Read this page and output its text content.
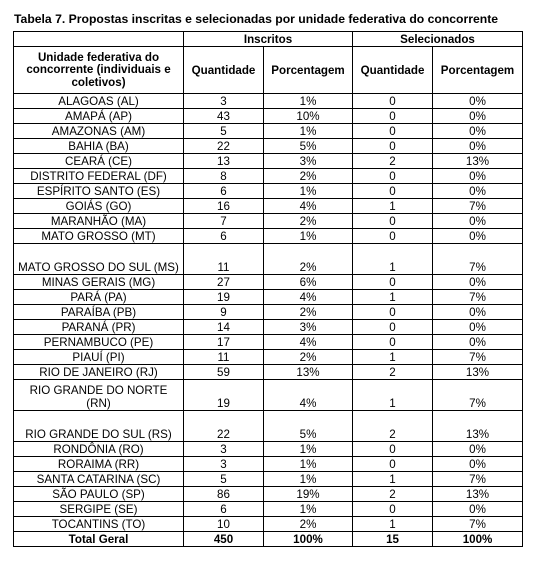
Tabela 7. Propostas inscritas e selecionadas por unidade federativa do concorrente
	Inscritos		Selecionados	
Unidade federativa do concorrente (individuais e coletivos)	Quantidade	Porcentagem	Quantidade	Porcentagem
ALAGOAS (AL)	3	1%	0	0%
AMAPÁ (AP)	43	10%	0	0%
AMAZONAS (AM)	5	1%	0	0%
BAHIA (BA)	22	5%	0	0%
CEARÁ (CE)	13	3%	2	13%
DISTRITO FEDERAL (DF)	8	2%	0	0%
ESPÍRITO SANTO (ES)	6	1%	0	0%
GOIÁS (GO)	16	4%	1	7%
MARANHÃO (MA)	7	2%	0	0%
MATO GROSSO (MT)	6	1%	0	0%
MATO GROSSO DO SUL (MS)	11	2%	1	7%
MINAS GERAIS (MG)	27	6%	0	0%
PARÁ (PA)	19	4%	1	7%
PARAÍBA (PB)	9	2%	0	0%
PARANÁ (PR)	14	3%	0	0%
PERNAMBUCO (PE)	17	4%	0	0%
PIAUÍ (PI)	11	2%	1	7%
RIO DE JANEIRO (RJ)	59	13%	2	13%
RIO GRANDE DO NORTE (RN)	19	4%	1	7%
RIO GRANDE DO SUL (RS)	22	5%	2	13%
RONDÔNIA (RO)	3	1%	0	0%
RORAIMA (RR)	3	1%	0	0%
SANTA CATARINA (SC)	5	1%	1	7%
SÃO PAULO (SP)	86	19%	2	13%
SERGIPE (SE)	6	1%	0	0%
TOCANTINS (TO)	10	2%	1	7%
Total Geral	450	100%	15	100%
